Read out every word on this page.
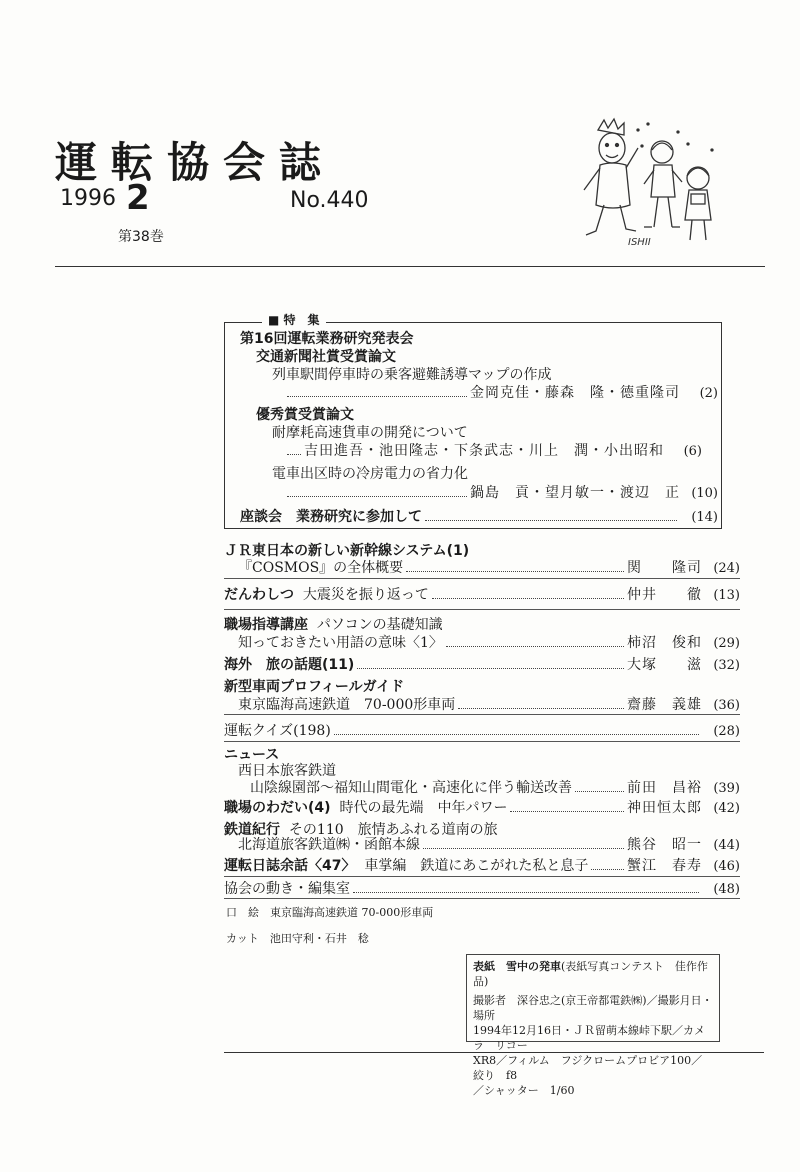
運転協会誌
1996 2
第38巻
No.440
ISHII
■ 特　集
第16回運転業務研究発表会
交通新聞社賞受賞論文
列車駅間停車時の乗客避難誘導マップの作成
金岡克佳・藤森　隆・德重隆司	(2)
優秀賞受賞論文
耐摩耗高速貨車の開発について
吉田進吾・池田隆志・下条武志・川上　潤・小出昭和	(6)
電車出区時の冷房電力の省力化
鍋島　貢・望月敏一・渡辺　正 (10)
座談会　業務研究に参加して	(14)
ＪＲ東日本の新しい新幹線システム(1)
『COSMOS』の全体概要	関　　隆司 (24)
だんわしつ
大震災を振り返って	仲井　　徹 (13)
職場指導講座 パソコンの基礎知識
知っておきたい用語の意味〈1〉	柿沼　俊和 (29)
海外　旅の話題(11)	大塚　　滋 (32)
新型車両プロフィールガイド
東京臨海高速鉄道　70-000形車両	齋藤　義雄 (36)
運転クイズ(198)	(28)
ニュース
西日本旅客鉄道
山陰線園部～福知山間電化・高速化に伴う輸送改善	前田　昌裕 (39)
職場のわだい(4)
時代の最先端　中年パワー	神田恒太郎 (42)
鉄道紀行 その110　旅情あふれる道南の旅
北海道旅客鉄道㈱・函館本線	熊谷　昭一 (44)
運転日誌余話〈47〉
車掌編　鉄道にあこがれた私と息子	蟹江　春寿 (46)
協会の動き・編集室	(48)
口　絵　東京臨海高速鉄道 70-000形車両
カット　池田守利・石井　稔
表紙　雪中の発車(表紙写真コンテスト　佳作作品)
撮影者　深谷忠之(京王帝都電鉄㈱)／撮影月日・場所
1994年12月16日・ＪＲ留萌本線峠下駅／カメラ　リコー
XR8／フィルム　フジクロームプロビア100／絞り　f8
／シャッター　1/60
